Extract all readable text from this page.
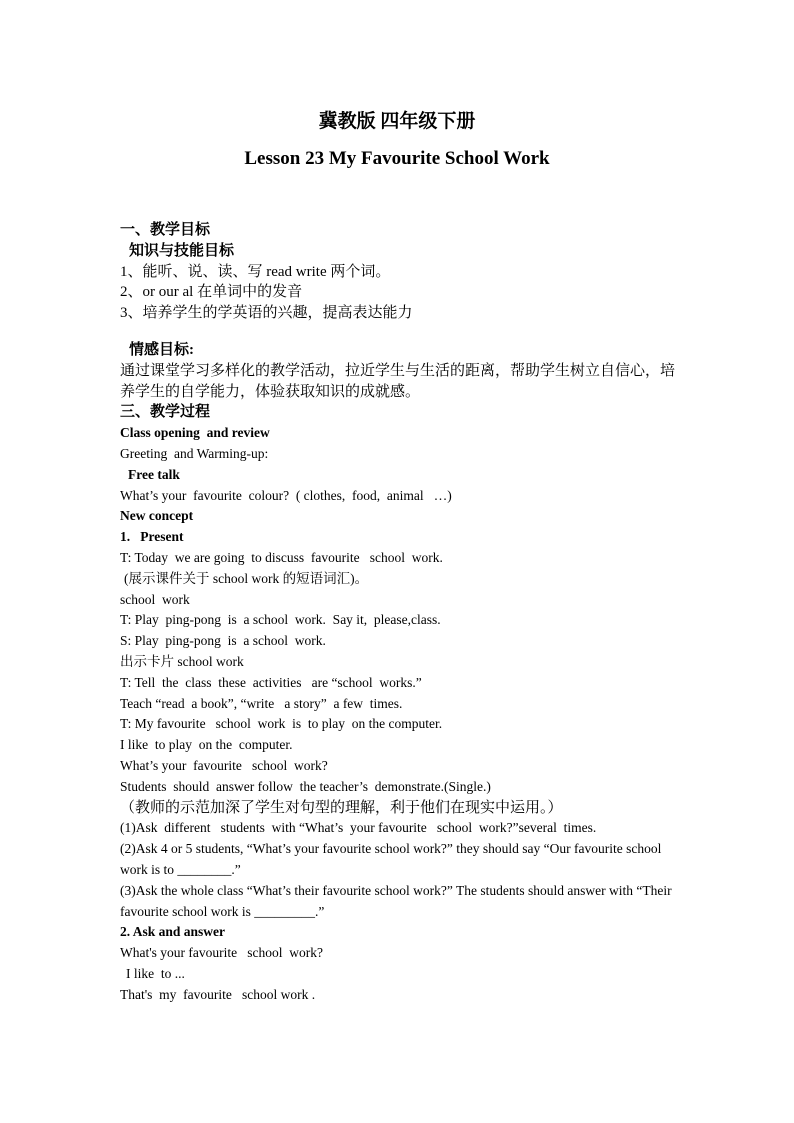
冀教版 四年级下册
Lesson 23 My Favourite School Work
一、教学目标
知识与技能目标
1、能听、说、读、写 read write 两个词。
2、or our al 在单词中的发音
3、培养学生的学英语的兴趣，提高表达能力
情感目标:
通过课堂学习多样化的教学活动，拉近学生与生活的距离，帮助学生树立自信心，培养学生的自学能力，体验获取知识的成就感。
三、教学过程
Class opening  and review
Greeting  and Warming-up:
Free talk
What’s your  favourite  colour?  ( clothes,  food,  animal   …)
New concept
1.   Present
T: Today  we are going  to discuss  favourite   school  work.
(展示课件关于 school work 的短语词汇)。
school  work
T: Play  ping-pong  is  a school  work.  Say it,  please,class.
S: Play  ping-pong  is  a school  work.
出示卡片 school work
T: Tell  the  class  these  activities   are “school  works.”
Teach “read  a book”, “write   a story”  a few  times.
T: My favourite   school  work  is  to play  on the computer.
I like  to play  on the  computer.
What’s your  favourite   school  work?
Students  should  answer follow  the teacher’s  demonstrate.(Single.)
（教师的示范加深了学生对句型的理解，利于他们在现实中运用。）
(1)Ask  different   students  with “What’s  your favourite   school  work?”several  times.
(2)Ask 4 or 5 students, “What’s your favourite school work?” they should say “Our favourite school work is to ________.”
(3)Ask the whole class “What’s their favourite school work?” The students should answer with “Their favourite school work is _________.”
2. Ask and answer
What's your favourite   school  work?
I like  to ...
That's  my  favourite   school work .
